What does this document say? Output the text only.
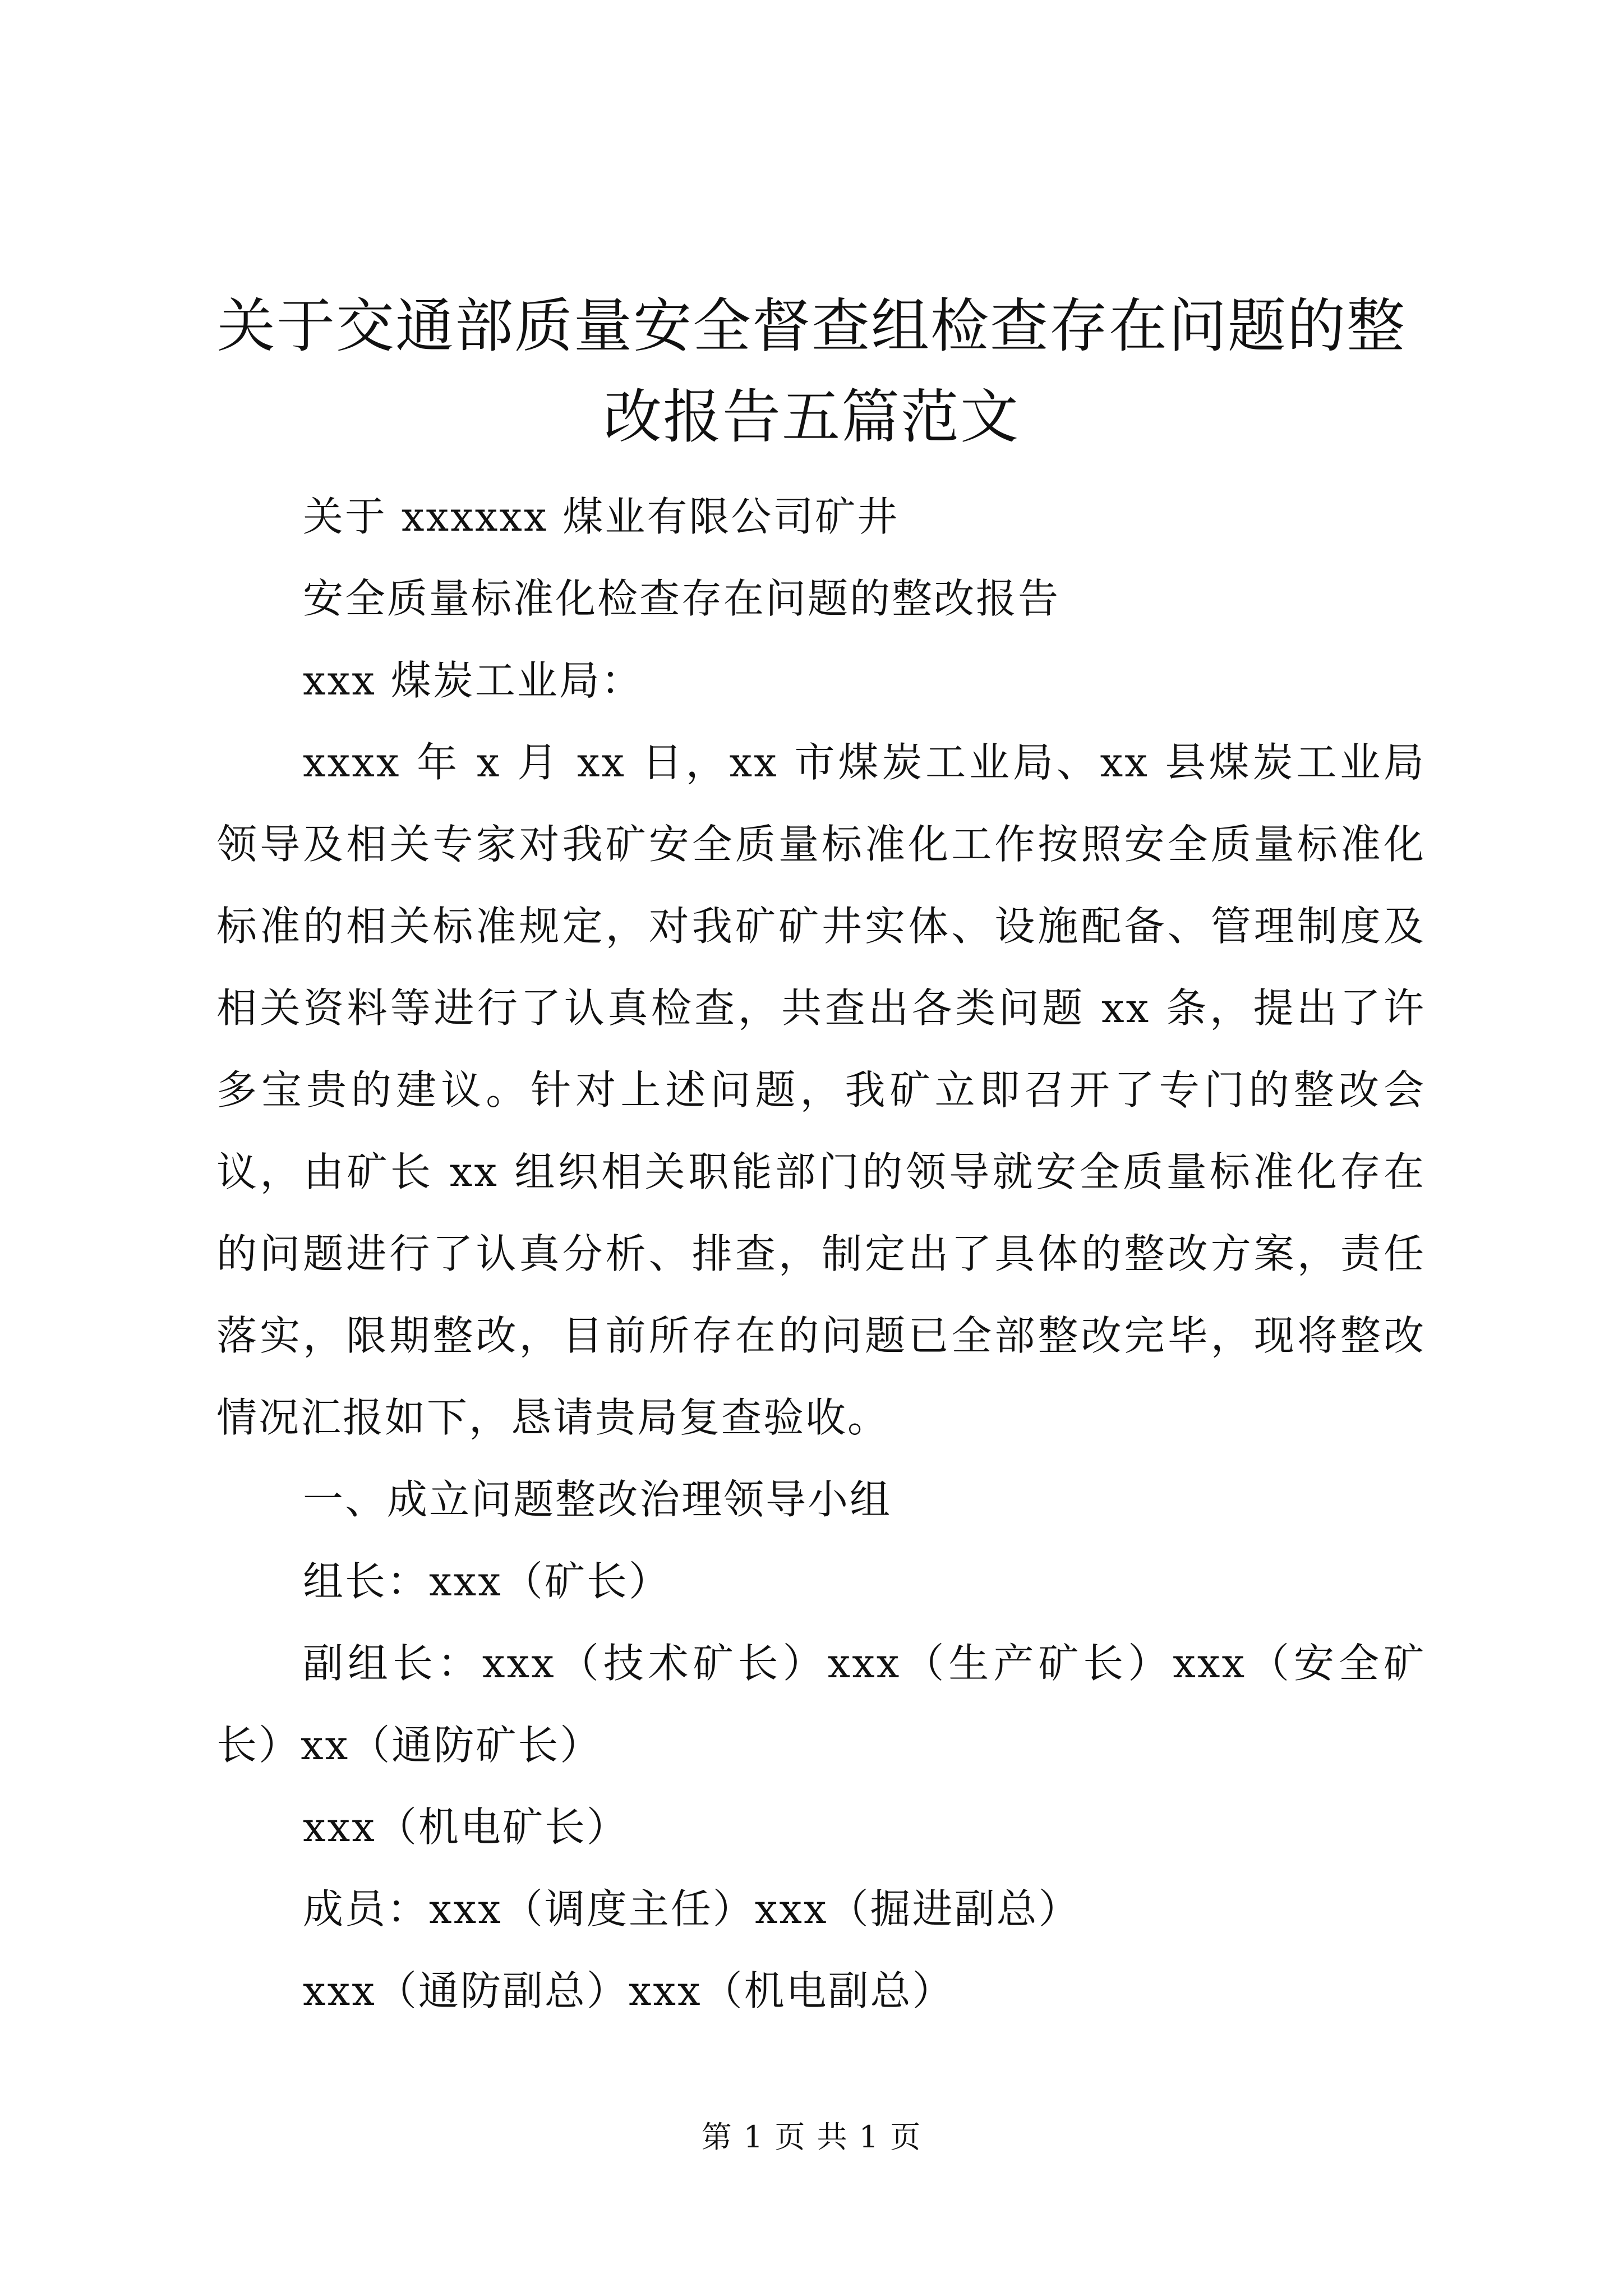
关于交通部质量安全督查组检查存在问题的整
改报告五篇范文

关于 xxxxxx 煤业有限公司矿井

安全质量标准化检查存在问题的整改报告

xxx 煤炭工业局：

xxxx 年 x 月 xx 日，xx 市煤炭工业局、xx 县煤炭工业局领导及相关专家对我矿安全质量标准化工作按照安全质量标准化标准的相关标准规定，对我矿矿井实体、设施配备、管理制度及相关资料等进行了认真检查，共查出各类问题 xx 条，提出了许多宝贵的建议。针对上述问题，我矿立即召开了专门的整改会议，由矿长 xx 组织相关职能部门的领导就安全质量标准化存在的问题进行了认真分析、排查，制定出了具体的整改方案，责任落实，限期整改，目前所存在的问题已全部整改完毕，现将整改情况汇报如下，恳请贵局复查验收。

一、成立问题整改治理领导小组

组长：xxx（矿长）

副组长：xxx（技术矿长）xxx（生产矿长）xxx（安全矿长）xx（通防矿长）

xxx（机电矿长）

成员：xxx（调度主任）xxx（掘进副总）

xxx（通防副总）xxx（机电副总）

第 1 页 共 1 页
